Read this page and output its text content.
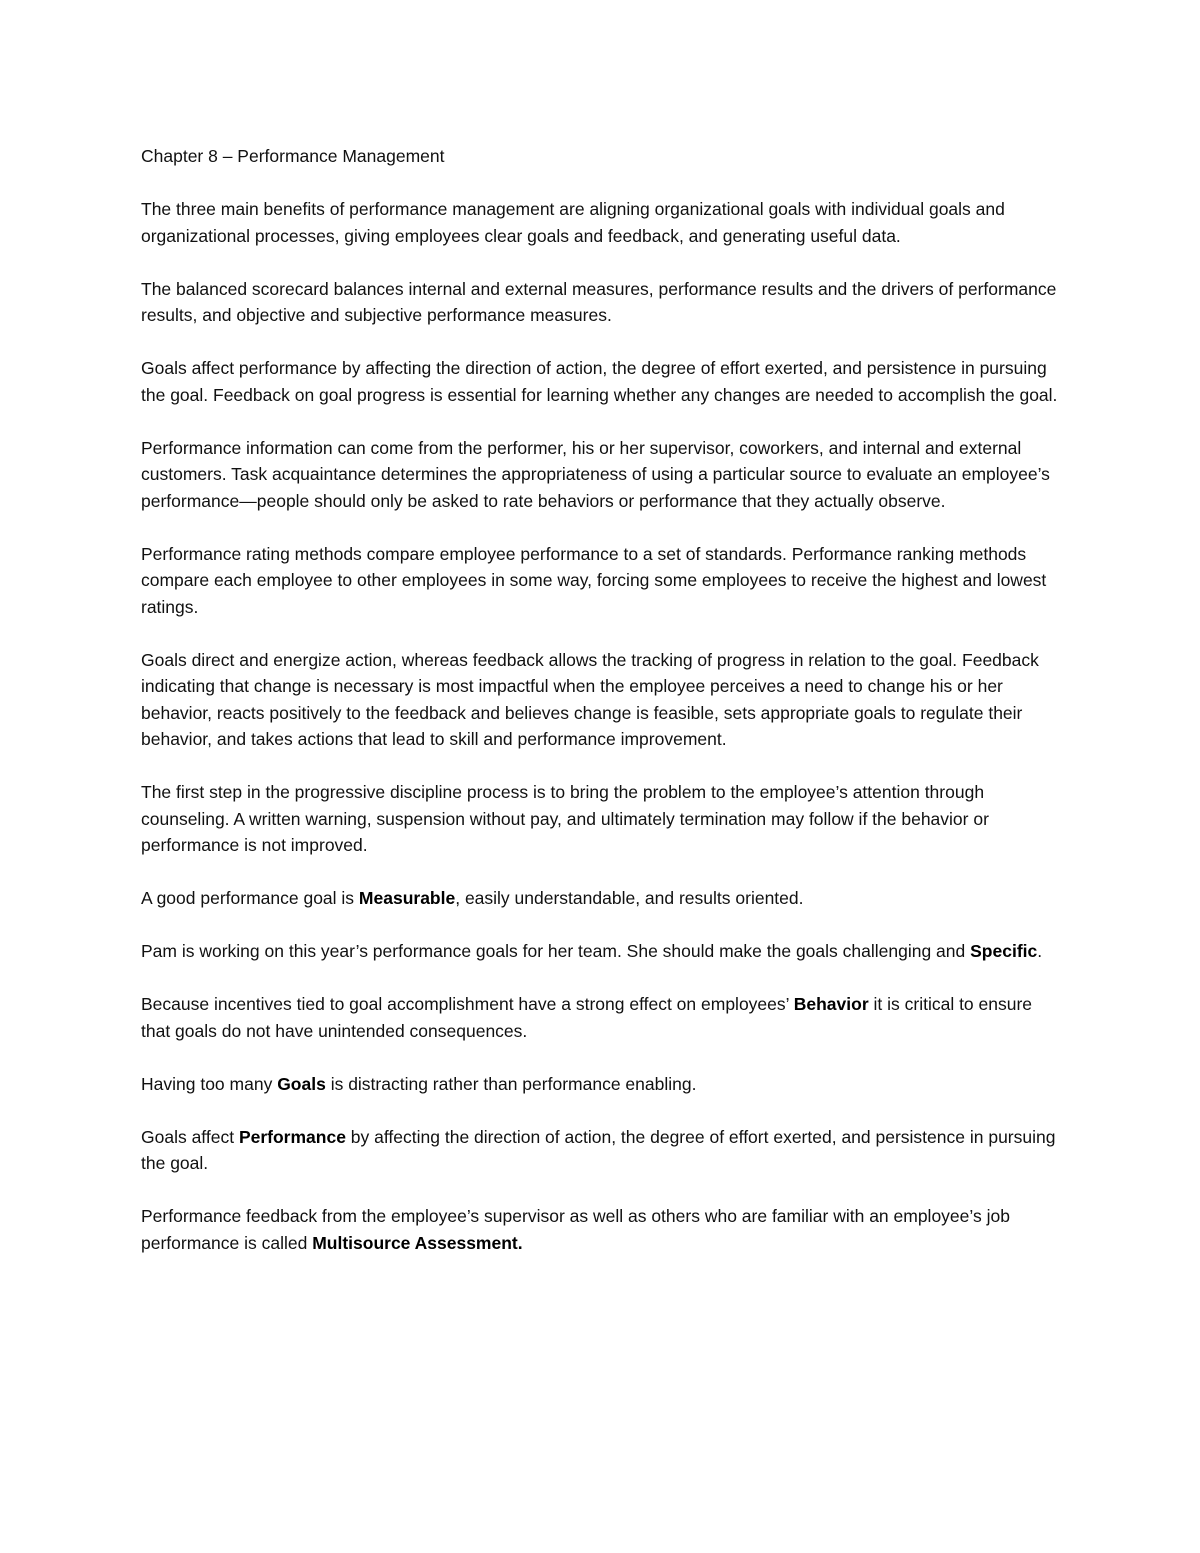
Chapter 8 – Performance Management

The three main benefits of performance management are aligning organizational goals with individual goals and organizational processes, giving employees clear goals and feedback, and generating useful data.

The balanced scorecard balances internal and external measures, performance results and the drivers of performance results, and objective and subjective performance measures.

Goals affect performance by affecting the direction of action, the degree of effort exerted, and persistence in pursuing the goal. Feedback on goal progress is essential for learning whether any changes are needed to accomplish the goal.

Performance information can come from the performer, his or her supervisor, coworkers, and internal and external customers. Task acquaintance determines the appropriateness of using a particular source to evaluate an employee’s performance—people should only be asked to rate behaviors or performance that they actually observe.

Performance rating methods compare employee performance to a set of standards. Performance ranking methods compare each employee to other employees in some way, forcing some employees to receive the highest and lowest ratings.

Goals direct and energize action, whereas feedback allows the tracking of progress in relation to the goal. Feedback indicating that change is necessary is most impactful when the employee perceives a need to change his or her behavior, reacts positively to the feedback and believes change is feasible, sets appropriate goals to regulate their behavior, and takes actions that lead to skill and performance improvement.

The first step in the progressive discipline process is to bring the problem to the employee’s attention through counseling. A written warning, suspension without pay, and ultimately termination may follow if the behavior or performance is not improved.

A good performance goal is Measurable, easily understandable, and results oriented.

Pam is working on this year’s performance goals for her team. She should make the goals challenging and Specific.

Because incentives tied to goal accomplishment have a strong effect on employees’ Behavior it is critical to ensure that goals do not have unintended consequences.

Having too many Goals is distracting rather than performance enabling.

Goals affect Performance by affecting the direction of action, the degree of effort exerted, and persistence in pursuing the goal.

Performance feedback from the employee’s supervisor as well as others who are familiar with an employee’s job performance is called Multisource Assessment.
